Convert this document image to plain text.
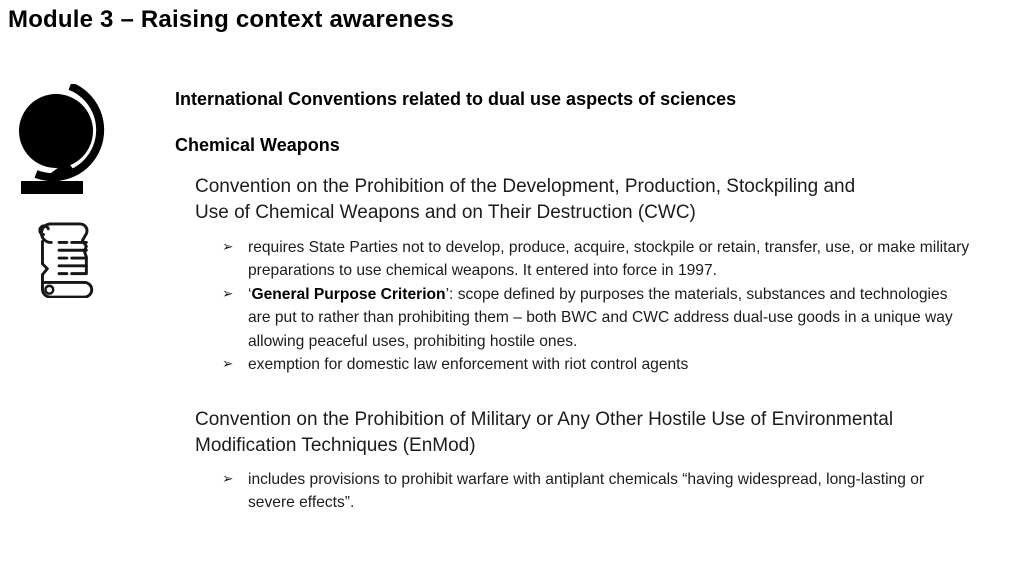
Module 3 – Raising context awareness
International Conventions related to dual use aspects of sciences
Chemical Weapons

Convention on the Prohibition of the Development, Production, Stockpiling and Use of Chemical Weapons and on Their Destruction (CWC)

➢ requires State Parties not to develop, produce, acquire, stockpile or retain, transfer, use, or make military preparations to use chemical weapons. It entered into force in 1997.
➢ ‘General Purpose Criterion’: scope defined by purposes the materials, substances and technologies are put to rather than prohibiting them – both BWC and CWC address dual-use goods in a unique way allowing peaceful uses, prohibiting hostile ones.
➢ exemption for domestic law enforcement with riot control agents

Convention on the Prohibition of Military or Any Other Hostile Use of Environmental Modification Techniques (EnMod)

➢ includes provisions to prohibit warfare with antiplant chemicals “having widespread, long-lasting or severe effects”.
